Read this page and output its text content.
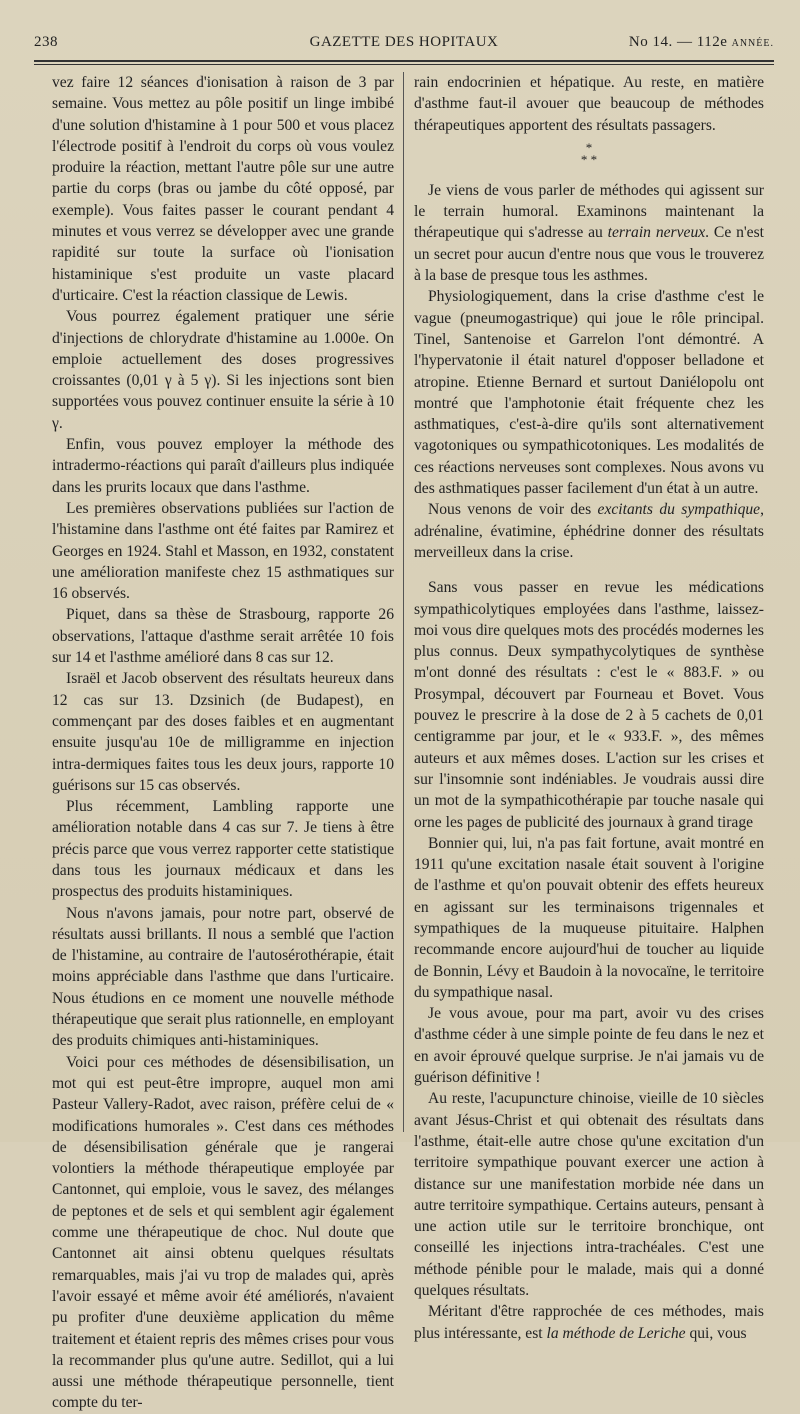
238	GAZETTE DES HOPITAUX	No 14. — 112e ANNÉE.

vez faire 12 séances d'ionisation à raison de 3 par semaine. Vous mettez au pôle positif un linge imbibé d'une solution d'histamine à 1 pour 500 et vous placez l'électrode positif à l'endroit du corps où vous voulez produire la réaction, mettant l'autre pôle sur une autre partie du corps (bras ou jambe du côté opposé, par exemple). Vous faites passer le courant pendant 4 minutes et vous verrez se développer avec une grande rapidité sur toute la surface où l'ionisation histaminique s'est produite un vaste placard d'urticaire. C'est la réaction classique de Lewis.

Vous pourrez également pratiquer une série d'injections de chlorydrate d'histamine au 1.000e. On emploie actuellement des doses progressives croissantes (0,01 γ à 5 γ). Si les injections sont bien supportées vous pouvez continuer ensuite la série à 10 γ.

Enfin, vous pouvez employer la méthode des intradermo-réactions qui paraît d'ailleurs plus indiquée dans les prurits locaux que dans l'asthme.

Les premières observations publiées sur l'action de l'histamine dans l'asthme ont été faites par Ramirez et Georges en 1924. Stahl et Masson, en 1932, constatent une amélioration manifeste chez 15 asthmatiques sur 16 observés.

Piquet, dans sa thèse de Strasbourg, rapporte 26 observations, l'attaque d'asthme serait arrêtée 10 fois sur 14 et l'asthme amélioré dans 8 cas sur 12.

Israël et Jacob observent des résultats heureux dans 12 cas sur 13. Dzsinich (de Budapest), en commençant par des doses faibles et en augmentant ensuite jusqu'au 10e de milligramme en injection intra-dermiques faites tous les deux jours, rapporte 10 guérisons sur 15 cas observés.

Plus récemment, Lambling rapporte une amélioration notable dans 4 cas sur 7. Je tiens à être précis parce que vous verrez rapporter cette statistique dans tous les journaux médicaux et dans les prospectus des produits histaminiques.

Nous n'avons jamais, pour notre part, observé de résultats aussi brillants. Il nous a semblé que l'action de l'histamine, au contraire de l'autosérothérapie, était moins appréciable dans l'asthme que dans l'urticaire. Nous étudions en ce moment une nouvelle méthode thérapeutique que serait plus rationnelle, en employant des produits chimiques anti-histaminiques.

Voici pour ces méthodes de désensibilisation, un mot qui est peut-être impropre, auquel mon ami Pasteur Vallery-Radot, avec raison, préfère celui de « modifications humorales ». C'est dans ces méthodes de désensibilisation générale que je rangerai volontiers la méthode thérapeutique employée par Cantonnet, qui emploie, vous le savez, des mélanges de peptones et de sels et qui semblent agir également comme une thérapeutique de choc. Nul doute que Cantonnet ait ainsi obtenu quelques résultats remarquables, mais j'ai vu trop de malades qui, après l'avoir essayé et même avoir été améliorés, n'avaient pu profiter d'une deuxième application du même traitement et étaient repris des mêmes crises pour vous la recommander plus qu'une autre. Sedillot, qui a lui aussi une méthode thérapeutique personnelle, tient compte du ter-

rain endocrinien et hépatique. Au reste, en matière d'asthme faut-il avouer que beaucoup de méthodes thérapeutiques apportent des résultats passagers.

*
* *

Je viens de vous parler de méthodes qui agissent sur le terrain humoral. Examinons maintenant la thérapeutique qui s'adresse au terrain nerveux. Ce n'est un secret pour aucun d'entre nous que vous le trouverez à la base de presque tous les asthmes.

Physiologiquement, dans la crise d'asthme c'est le vague (pneumogastrique) qui joue le rôle principal. Tinel, Santenoise et Garrelon l'ont démontré. A l'hypervatonie il était naturel d'opposer belladone et atropine. Etienne Bernard et surtout Daniélopolu ont montré que l'amphotonie était fréquente chez les asthmatiques, c'est-à-dire qu'ils sont alternativement vagotoniques ou sympathicotoniques. Les modalités de ces réactions nerveuses sont complexes. Nous avons vu des asthmatiques passer facilement d'un état à un autre.

Nous venons de voir des excitants du sympathique, adrénaline, évatimine, éphédrine donner des résultats merveilleux dans la crise.

Sans vous passer en revue les médications sympathicolytiques employées dans l'asthme, laissez-moi vous dire quelques mots des procédés modernes les plus connus. Deux sympathycolytiques de synthèse m'ont donné des résultats : c'est le « 883.F. » ou Prosympal, découvert par Fourneau et Bovet. Vous pouvez le prescrire à la dose de 2 à 5 cachets de 0,01 centigramme par jour, et le « 933.F. », des mêmes auteurs et aux mêmes doses. L'action sur les crises et sur l'insomnie sont indéniables. Je voudrais aussi dire un mot de la sympathicothérapie par touche nasale qui orne les pages de publicité des journaux à grand tirage

Bonnier qui, lui, n'a pas fait fortune, avait montré en 1911 qu'une excitation nasale était souvent à l'origine de l'asthme et qu'on pouvait obtenir des effets heureux en agissant sur les terminaisons trigennales et sympathiques de la muqueuse pituitaire. Halphen recommande encore aujourd'hui de toucher au liquide de Bonnin, Lévy et Baudoin à la novocaïne, le territoire du sympathique nasal.

Je vous avoue, pour ma part, avoir vu des crises d'asthme céder à une simple pointe de feu dans le nez et en avoir éprouvé quelque surprise. Je n'ai jamais vu de guérison définitive !

Au reste, l'acupuncture chinoise, vieille de 10 siècles avant Jésus-Christ et qui obtenait des résultats dans l'asthme, était-elle autre chose qu'une excitation d'un territoire sympathique pouvant exercer une action à distance sur une manifestation morbide née dans un autre territoire sympathique. Certains auteurs, pensant à une action utile sur le territoire bronchique, ont conseillé les injections intra-trachéales. C'est une méthode pénible pour le malade, mais qui a donné quelques résultats.

Méritant d'être rapprochée de ces méthodes, mais plus intéressante, est la méthode de Leriche qui, vous
